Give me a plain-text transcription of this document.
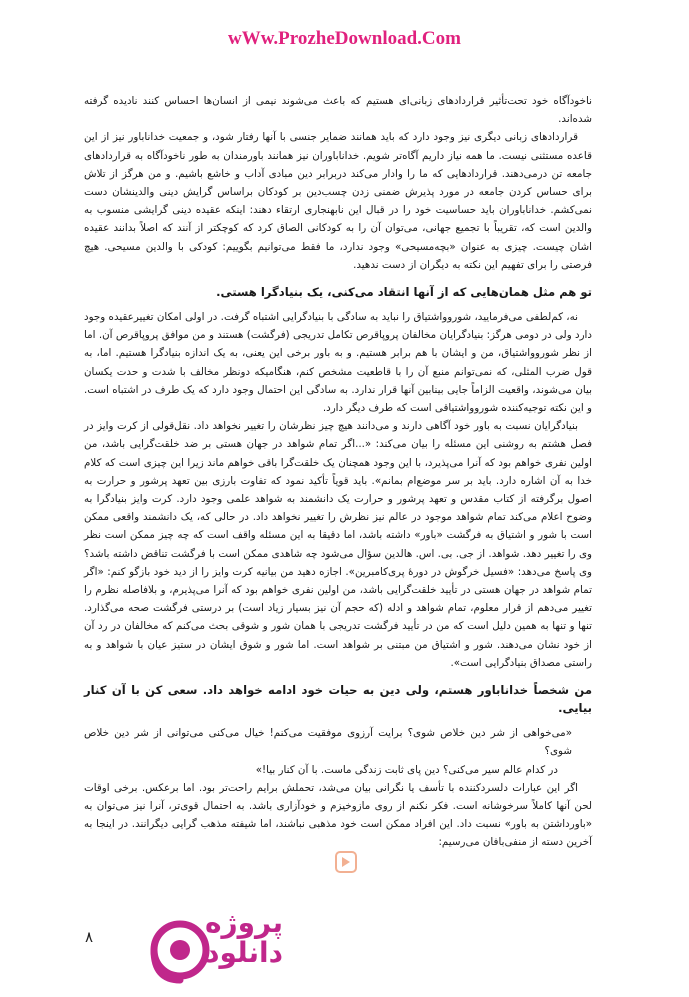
wWw.ProzheDownload.Com

ناخودآگاه خود تحت‌تأثیر قراردادهای زبانی‌ای هستیم که باعث می‌شوند نیمی از انسان‌ها احساس کنند نادیده گرفته شده‌اند.

قراردادهای زبانی دیگری نیز وجود دارد که باید همانند ضمایر جنسی با آنها رفتار شود، و جمعیت خداناباور نیز از این قاعده مستثنی نیست. ما همه نیاز داریم آگاه‌تر شویم. خداناباوران نیز همانند باورمندان به طور ناخودآگاه به قراردادهای جامعه تن درمی‌دهند. قراردادهایی که ما را وادار می‌کند دربرابر دین مبادی آداب و خاشع باشیم. و من هرگز از تلاش برای حساس کردن جامعه در مورد پذیرش ضمنی زدن چسب‌دین بر کودکان براساس گرایش دینی والدینشان دست نمی‌کشم. خداناباوران باید حساسیت خود را در قبال این نابهنجاری ارتقاء دهند: اینکه عقیده دینی گرایشی منسوب به والدین است که، تقریباً با تجمیع جهانی، می‌توان آن را به کودکانی الصاق کرد که کوچکتر از آنند که اصلاً بدانند عقیده اشان چیست. چیزی به عنوان «بچه‌مسیحی» وجود ندارد، ما فقط می‌توانیم بگوییم: کودکی با والدین مسیحی. هیچ فرصتی را برای تفهیم این نکته به دیگران از دست ندهید.

تو هم مثل همان‌هایی که از آنها انتقاد می‌کنی، یک بنیادگرا هستی.

نه، کم‌لطفی می‌فرمایید، شوروواشتیاق را نباید به سادگی با بنیادگرایی اشتباه گرفت. در اولی امکان تغییرعقیده وجود دارد ولی در دومی هرگز: بنیادگرایان مخالفان پروپاقرص تکامل تدریجی (فرگشت) هستند و من موافق پروپاقرص آن. اما از نظر شوروواشتیاق، من و ایشان با هم برابر هستیم. و به باور برخی این یعنی، به یک اندازه بنیادگرا هستیم. اما، به قول ضرب المثلی، که نمی‌توانم منبع آن را با قاطعیت مشخص کنم، هنگامیکه دونظر مخالف با شدت و حدت یکسان بیان می‌شوند، واقعیت الزاماً جایی بینابین آنها قرار ندارد. به سادگی این احتمال وجود دارد که یک طرف در اشتباه است. و این نکته توجیه‌کننده شوروواشتیاقی است که طرف دیگر دارد.

بنیادگرایان نسبت به باور خود آگاهی دارند و می‌دانند هیچ چیز نظرشان را تغییر نخواهد داد. نقل‌قولی از کرت وایز در فصل هشتم به روشنی این مسئله را بیان می‌کند: «...اگر تمام شواهد در جهان هستی بر ضد خلقت‌گرایی باشد، من اولین نفری خواهم بود که آنرا می‌پذیرد، با این وجود همچنان یک خلقت‌گرا باقی خواهم ماند زیرا این چیزی است که کلام خدا به آن اشاره دارد. باید بر سر موضع‌ام بمانم». باید قویاً تأکید نمود که تفاوت بارزی بین تعهد پرشور و حرارت به اصول برگرفته از کتاب مقدس و تعهد پرشور و حرارت یک دانشمند به شواهد علمی وجود دارد. کرت وایز بنیادگرا به وضوح اعلام می‌کند تمام شواهد موجود در عالم نیز نظرش را تغییر نخواهد داد. در حالی که، یک دانشمند واقعی ممکن است با شور و اشتیاق به فرگشت «باور» داشته باشد، اما دقیقا به این مسئله واقف است که چه چیز ممکن است نظر وی را تغییر دهد. شواهد. از جی. بی. اس. هالدین سؤال می‌شود چه شاهدی ممکن است با فرگشت تناقض داشته باشد؟ وی پاسخ می‌دهد: «فسیل خرگوش در دورهٔ پری‌کامبرین». اجازه دهید من بیانیه کرت وایز را از دید خود بازگو کنم: «اگر تمام شواهد در جهان هستی در تأیید خلقت‌گرایی باشد، من اولین نفری خواهم بود که آنرا می‌پذیرم، و بلافاصله نظرم را تغییر می‌دهم از قرار معلوم، تمام شواهد و ادله (که حجم آن نیز بسیار زیاد است) بر درستی فرگشت صحه می‌گذارد. تنها و تنها به همین دلیل است که من در تأیید فرگشت تدریجی با همان شور و شوقی بحث می‌کنم که مخالفان در رد آن از خود نشان می‌دهند. شور و اشتیاق من مبتنی بر شواهد است. اما شور و شوق ایشان در ستیز عیان با شواهد و به راستی مصداق بنیادگرایی است».

من شخصاً خداناباور هستم، ولی دین به حیات خود ادامه خواهد داد. سعی کن با آن کنار بیایی.

«می‌خواهی از شر دین خلاص شوی؟ برایت آرزوی موفقیت می‌کنم! خیال می‌کنی می‌توانی از شر دین خلاص شوی؟

در کدام عالم سیر می‌کنی؟ دین پای ثابت زندگی ماست. با آن کنار بیا!»

اگر این عبارات دلسردکننده با تأسف یا نگرانی بیان می‌شد، تحملش برایم راحت‌تر بود. اما برعکس. برخی اوقات لحن آنها کاملاً سرخوشانه است. فکر نکنم از روی مازوخیزم و خودآزاری باشد. به احتمال قوی‌تر، آنرا نیز می‌توان به «باورداشتن به باور» نسبت داد. این افراد ممکن است خود مذهبی نباشند، اما شیفته مذهب گرایی دیگرانند. در اینجا به آخرین دسته از منفی‌بافان می‌رسیم:

۸	پروژه
دانلود
